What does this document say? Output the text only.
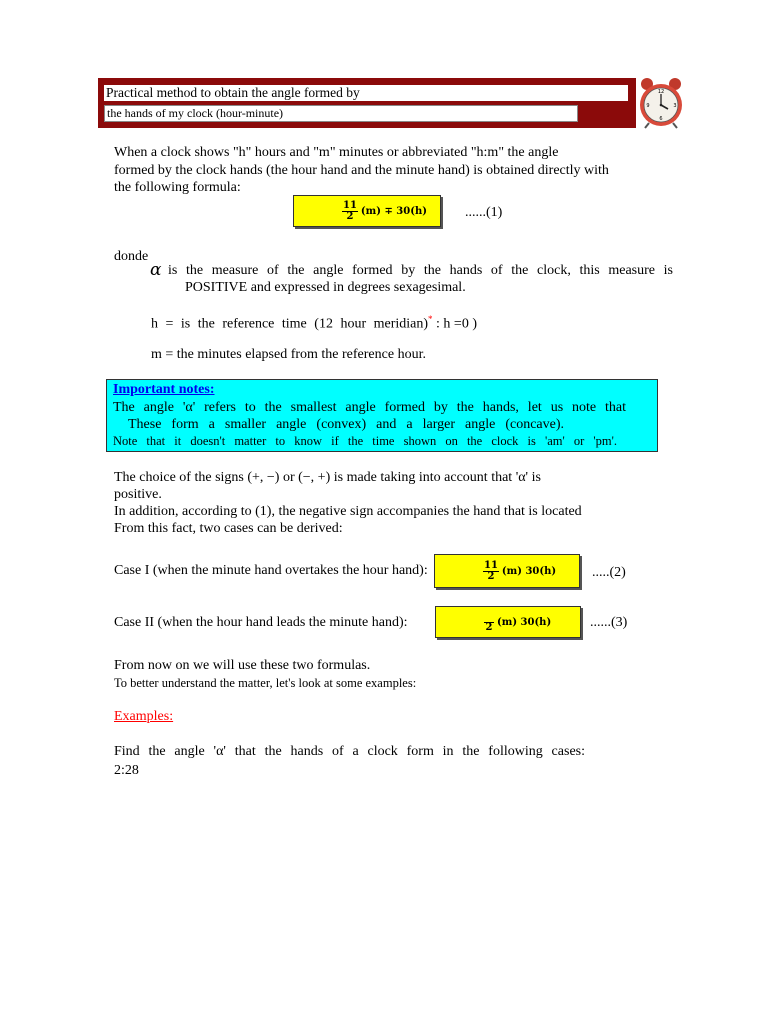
Practical method to obtain the angle formed by
the hands of my clock (hour-minute)
12
3
6
9
When a clock shows "h" hours and "m" minutes or abbreviated "h:m" the angle
formed by the clock hands (the hour hand and the minute hand) is obtained directly with
the following formula:
$\frac{11}{2} (m) \mp 30(h)$	......(1)
donde
α is the measure of the angle formed by the hands of the clock, this measure is
POSITIVE and expressed in degrees sexagesimal.
h = is the reference time (12 hour meridian)* : h =0 )
m = the minutes elapsed from the reference hour.
Important notes:
The angle 'α' refers to the smallest angle formed by the hands, let us note that
These form a smaller angle (convex) and a larger angle (concave).
Note that it doesn't matter to know if the time shown on the clock is 'am' or 'pm'.
The choice of the signs (+, −) or (−, +) is made taking into account that 'α' is
positive.
In addition, according to (1), the negative sign accompanies the hand that is located
From this fact, two cases can be derived:
Case I (when the minute hand overtakes the hour hand):	$\frac{11}{2} (m)$ 30(h)	.....(2)
Case II (when the hour hand leads the minute hand):	2 (m) 30(h)	......(3)
From now on we will use these two formulas.
To better understand the matter, let's look at some examples:
Examples:
Find the angle 'α' that the hands of a clock form in the following cases:
2:28
